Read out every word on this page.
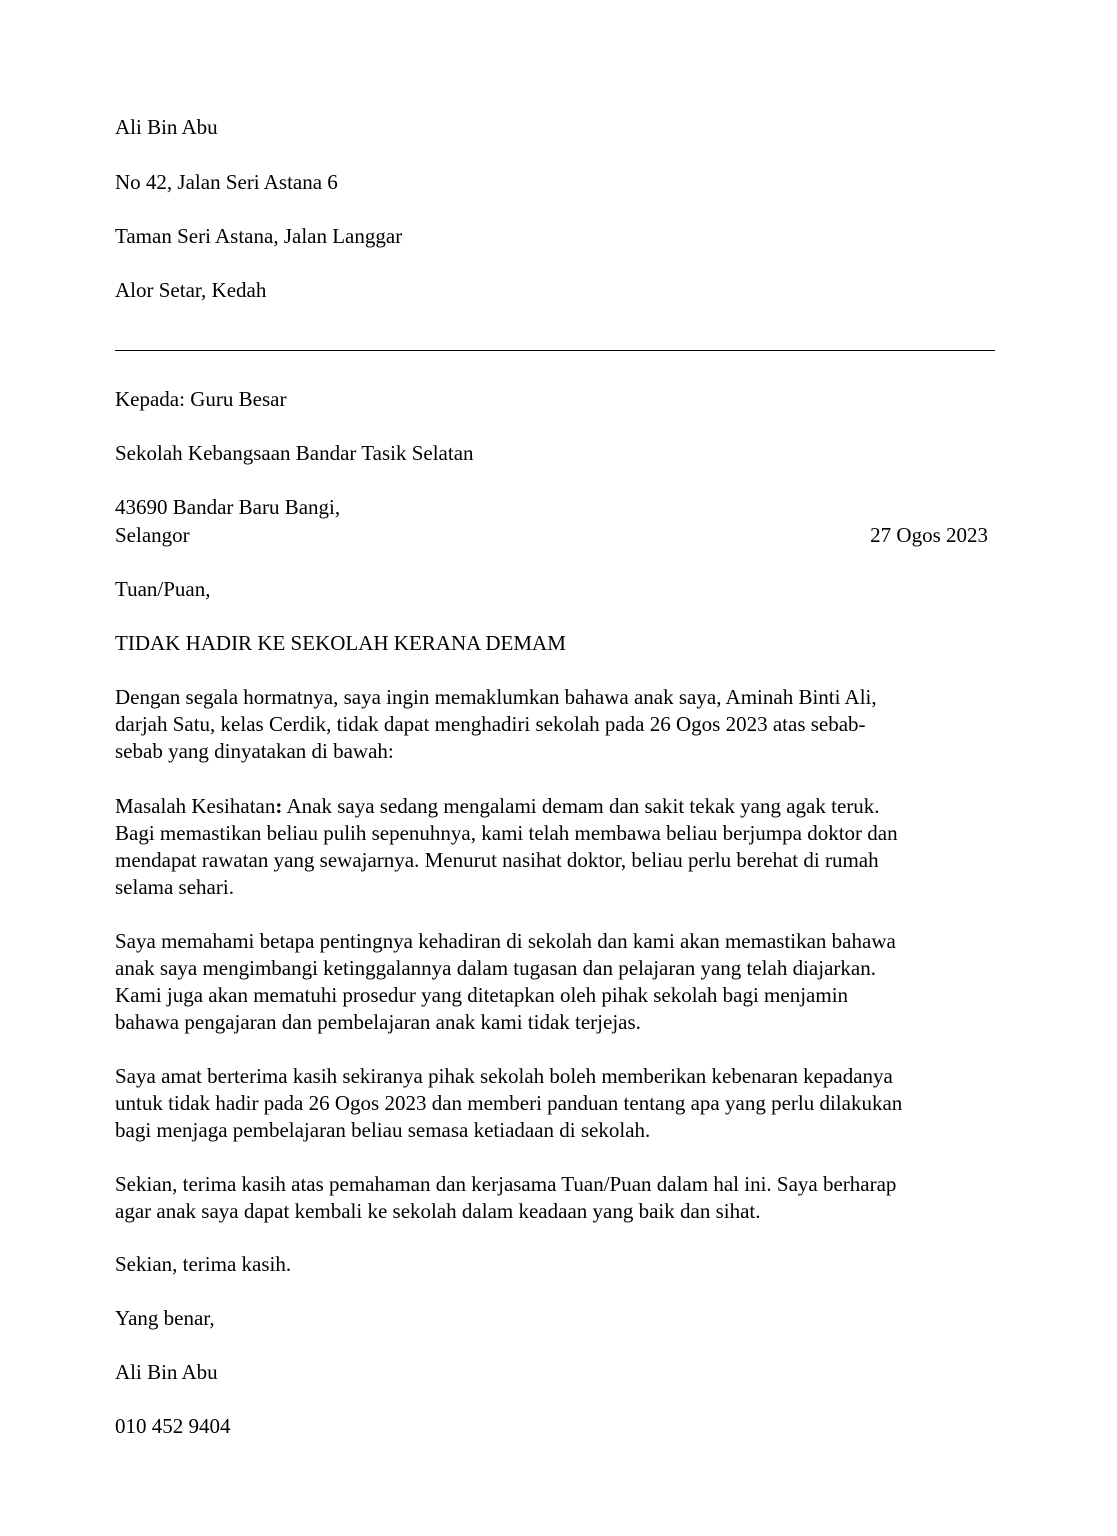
Ali Bin Abu
No 42, Jalan Seri Astana 6
Taman Seri Astana, Jalan Langgar
Alor Setar, Kedah
Kepada: Guru Besar
Sekolah Kebangsaan Bandar Tasik Selatan
43690 Bandar Baru Bangi,
Selangor	27 Ogos 2023
Tuan/Puan,
TIDAK HADIR KE SEKOLAH KERANA DEMAM
Dengan segala hormatnya, saya ingin memaklumkan bahawa anak saya, Aminah Binti Ali,
darjah Satu, kelas Cerdik, tidak dapat menghadiri sekolah pada 26 Ogos 2023 atas sebab-
sebab yang dinyatakan di bawah:
Masalah Kesihatan: Anak saya sedang mengalami demam dan sakit tekak yang agak teruk.
Bagi memastikan beliau pulih sepenuhnya, kami telah membawa beliau berjumpa doktor dan
mendapat rawatan yang sewajarnya. Menurut nasihat doktor, beliau perlu berehat di rumah
selama sehari.
Saya memahami betapa pentingnya kehadiran di sekolah dan kami akan memastikan bahawa
anak saya mengimbangi ketinggalannya dalam tugasan dan pelajaran yang telah diajarkan.
Kami juga akan mematuhi prosedur yang ditetapkan oleh pihak sekolah bagi menjamin
bahawa pengajaran dan pembelajaran anak kami tidak terjejas.
Saya amat berterima kasih sekiranya pihak sekolah boleh memberikan kebenaran kepadanya
untuk tidak hadir pada 26 Ogos 2023 dan memberi panduan tentang apa yang perlu dilakukan
bagi menjaga pembelajaran beliau semasa ketiadaan di sekolah.
Sekian, terima kasih atas pemahaman dan kerjasama Tuan/Puan dalam hal ini. Saya berharap
agar anak saya dapat kembali ke sekolah dalam keadaan yang baik dan sihat.
Sekian, terima kasih.
Yang benar,
Ali Bin Abu
010 452 9404
